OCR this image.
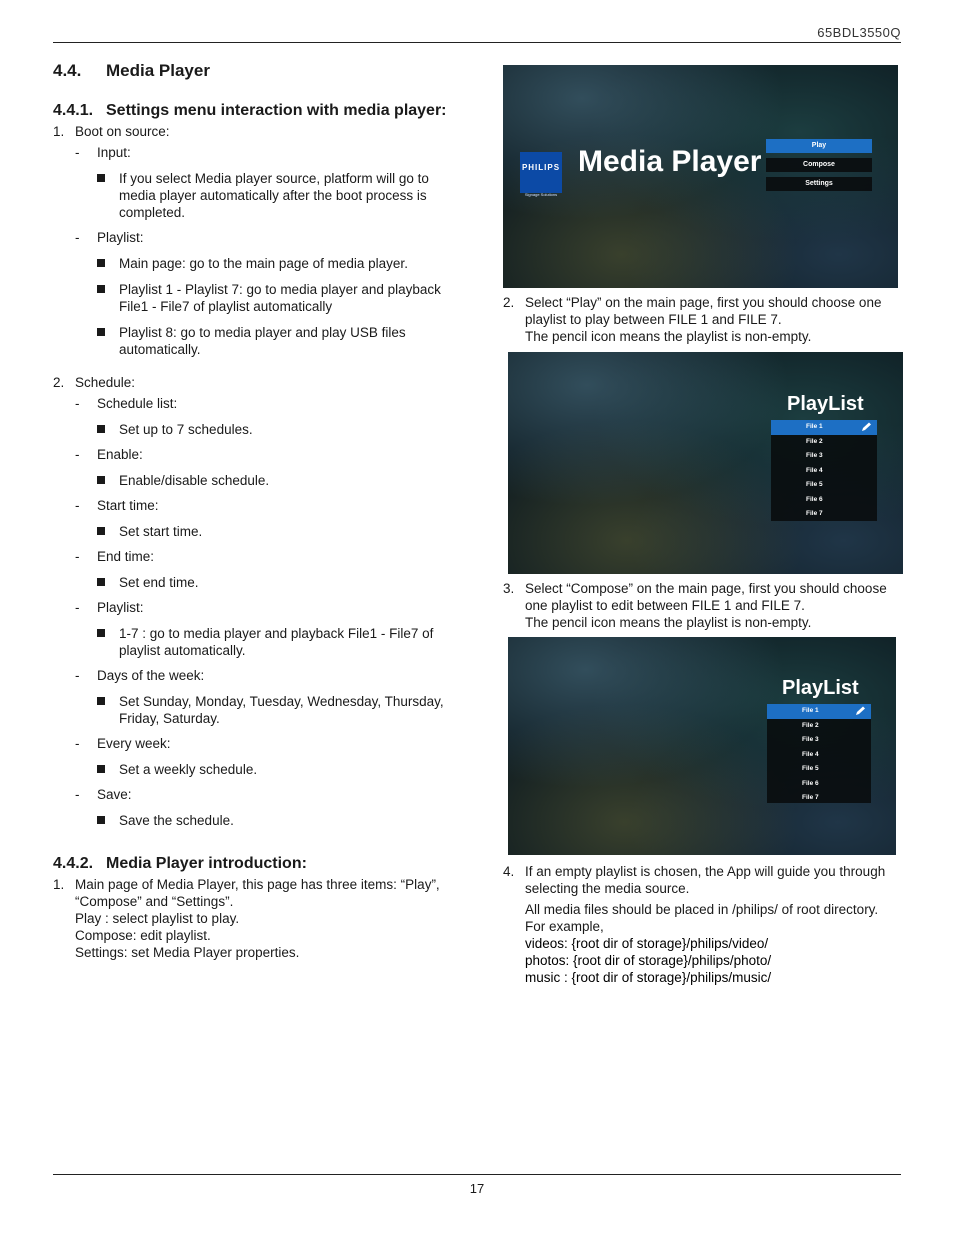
65BDL3550Q
4.4.	Media Player
4.4.1. Settings menu interaction with media player:
1. Boot on source:
-	Input:
If you select Media player source, platform will go to media player automatically after the boot process is completed.
-	Playlist:
Main page: go to the main page of media player.
Playlist 1 - Playlist 7: go to media player and playback File1 - File7 of playlist automatically
Playlist 8: go to media player and play USB files automatically.
2. Schedule:
-	Schedule list:
Set up to 7 schedules.
-	Enable:
Enable/disable schedule.
-	Start time:
Set start time.
-	End time:
Set end time.
-	Playlist:
1-7 : go to media player and playback File1 - File7 of playlist automatically.
-	Days of the week:
Set Sunday, Monday, Tuesday, Wednesday, Thursday, Friday, Saturday.
-	Every week:
Set a weekly schedule.
-	Save:
Save the schedule.
4.4.2. Media Player introduction:
1. Main page of Media Player, this page has three items: “Play”, “Compose” and “Settings”.
Play : select playlist to play.
Compose: edit playlist.
Settings: set Media Player properties.
PHILIPS
Signage Solutions
Media Player	Play
Compose
Settings
2. Select “Play” on the main page, first you should choose one playlist to play between FILE 1 and FILE 7.
The pencil icon means the playlist is non-empty.
PlayList
File 1
File 2
File 3
File 4
File 5
File 6
File 7
3. Select “Compose” on the main page, first you should choose one playlist to edit between FILE 1 and FILE 7.
The pencil icon means the playlist is non-empty.
PlayList
File 1
File 2
File 3
File 4
File 5
File 6
File 7
4. If an empty playlist is chosen, the App will guide you through selecting the media source.
All media files should be placed in /philips/ of root directory.
For example,
videos: {root dir of storage}/philips/video/
photos: {root dir of storage}/philips/photo/
music : {root dir of storage}/philips/music/
17
